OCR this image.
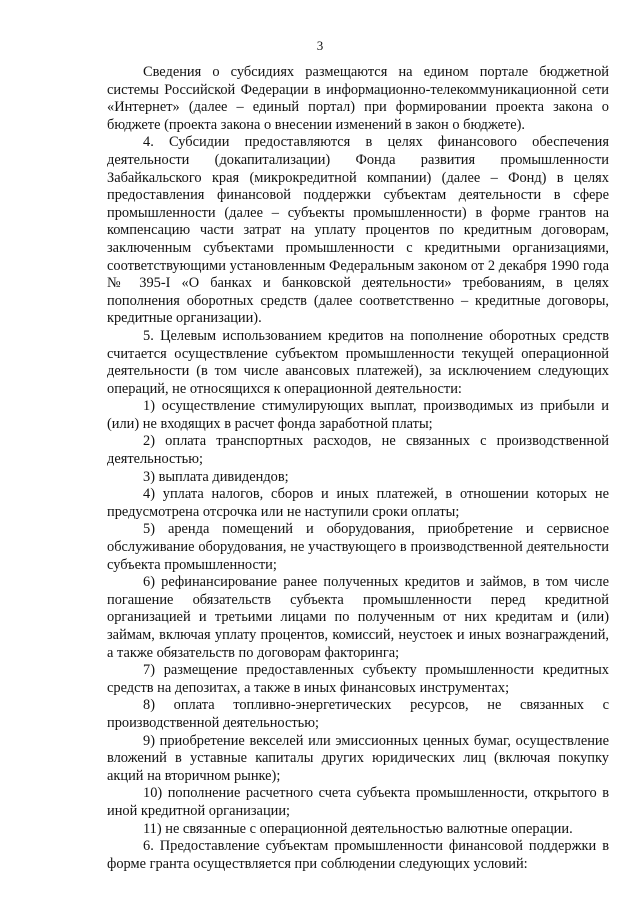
3

Сведения о субсидиях размещаются на едином портале бюджетной системы Российской Федерации в информационно-телекоммуникационной сети «Интернет» (далее – единый портал) при формировании проекта закона о бюджете (проекта закона о внесении изменений в закон о бюджете).

4. Субсидии предоставляются в целях финансового обеспечения деятельности (докапитализации) Фонда развития промышленности Забайкальского края (микрокредитной компании) (далее – Фонд) в целях предоставления финансовой поддержки субъектам деятельности в сфере промышленности (далее – субъекты промышленности) в форме грантов на компенсацию части затрат на уплату процентов по кредитным договорам, заключенным субъектами промышленности с кредитными организациями, соответствующими установленным Федеральным законом от 2 декабря 1990 года № 395-I «О банках и банковской деятельности» требованиям, в целях пополнения оборотных средств (далее соответственно – кредитные договоры, кредитные организации).

5. Целевым использованием кредитов на пополнение оборотных средств считается осуществление субъектом промышленности текущей операционной деятельности (в том числе авансовых платежей), за исключением следующих операций, не относящихся к операционной деятельности:

1) осуществление стимулирующих выплат, производимых из прибыли и (или) не входящих в расчет фонда заработной платы;

2) оплата транспортных расходов, не связанных с производственной деятельностью;

3) выплата дивидендов;

4) уплата налогов, сборов и иных платежей, в отношении которых не предусмотрена отсрочка или не наступили сроки оплаты;

5) аренда помещений и оборудования, приобретение и сервисное обслуживание оборудования, не участвующего в производственной деятельности субъекта промышленности;

6) рефинансирование ранее полученных кредитов и займов, в том числе погашение обязательств субъекта промышленности перед кредитной организацией и третьими лицами по полученным от них кредитам и (или) займам, включая уплату процентов, комиссий, неустоек и иных вознаграждений, а также обязательств по договорам факторинга;

7) размещение предоставленных субъекту промышленности кредитных средств на депозитах, а также в иных финансовых инструментах;

8) оплата топливно-энергетических ресурсов, не связанных с производственной деятельностью;

9) приобретение векселей или эмиссионных ценных бумаг, осуществление вложений в уставные капиталы других юридических лиц (включая покупку акций на вторичном рынке);

10) пополнение расчетного счета субъекта промышленности, открытого в иной кредитной организации;

11) не связанные с операционной деятельностью валютные операции.

6. Предоставление субъектам промышленности финансовой поддержки в форме гранта осуществляется при соблюдении следующих условий:
